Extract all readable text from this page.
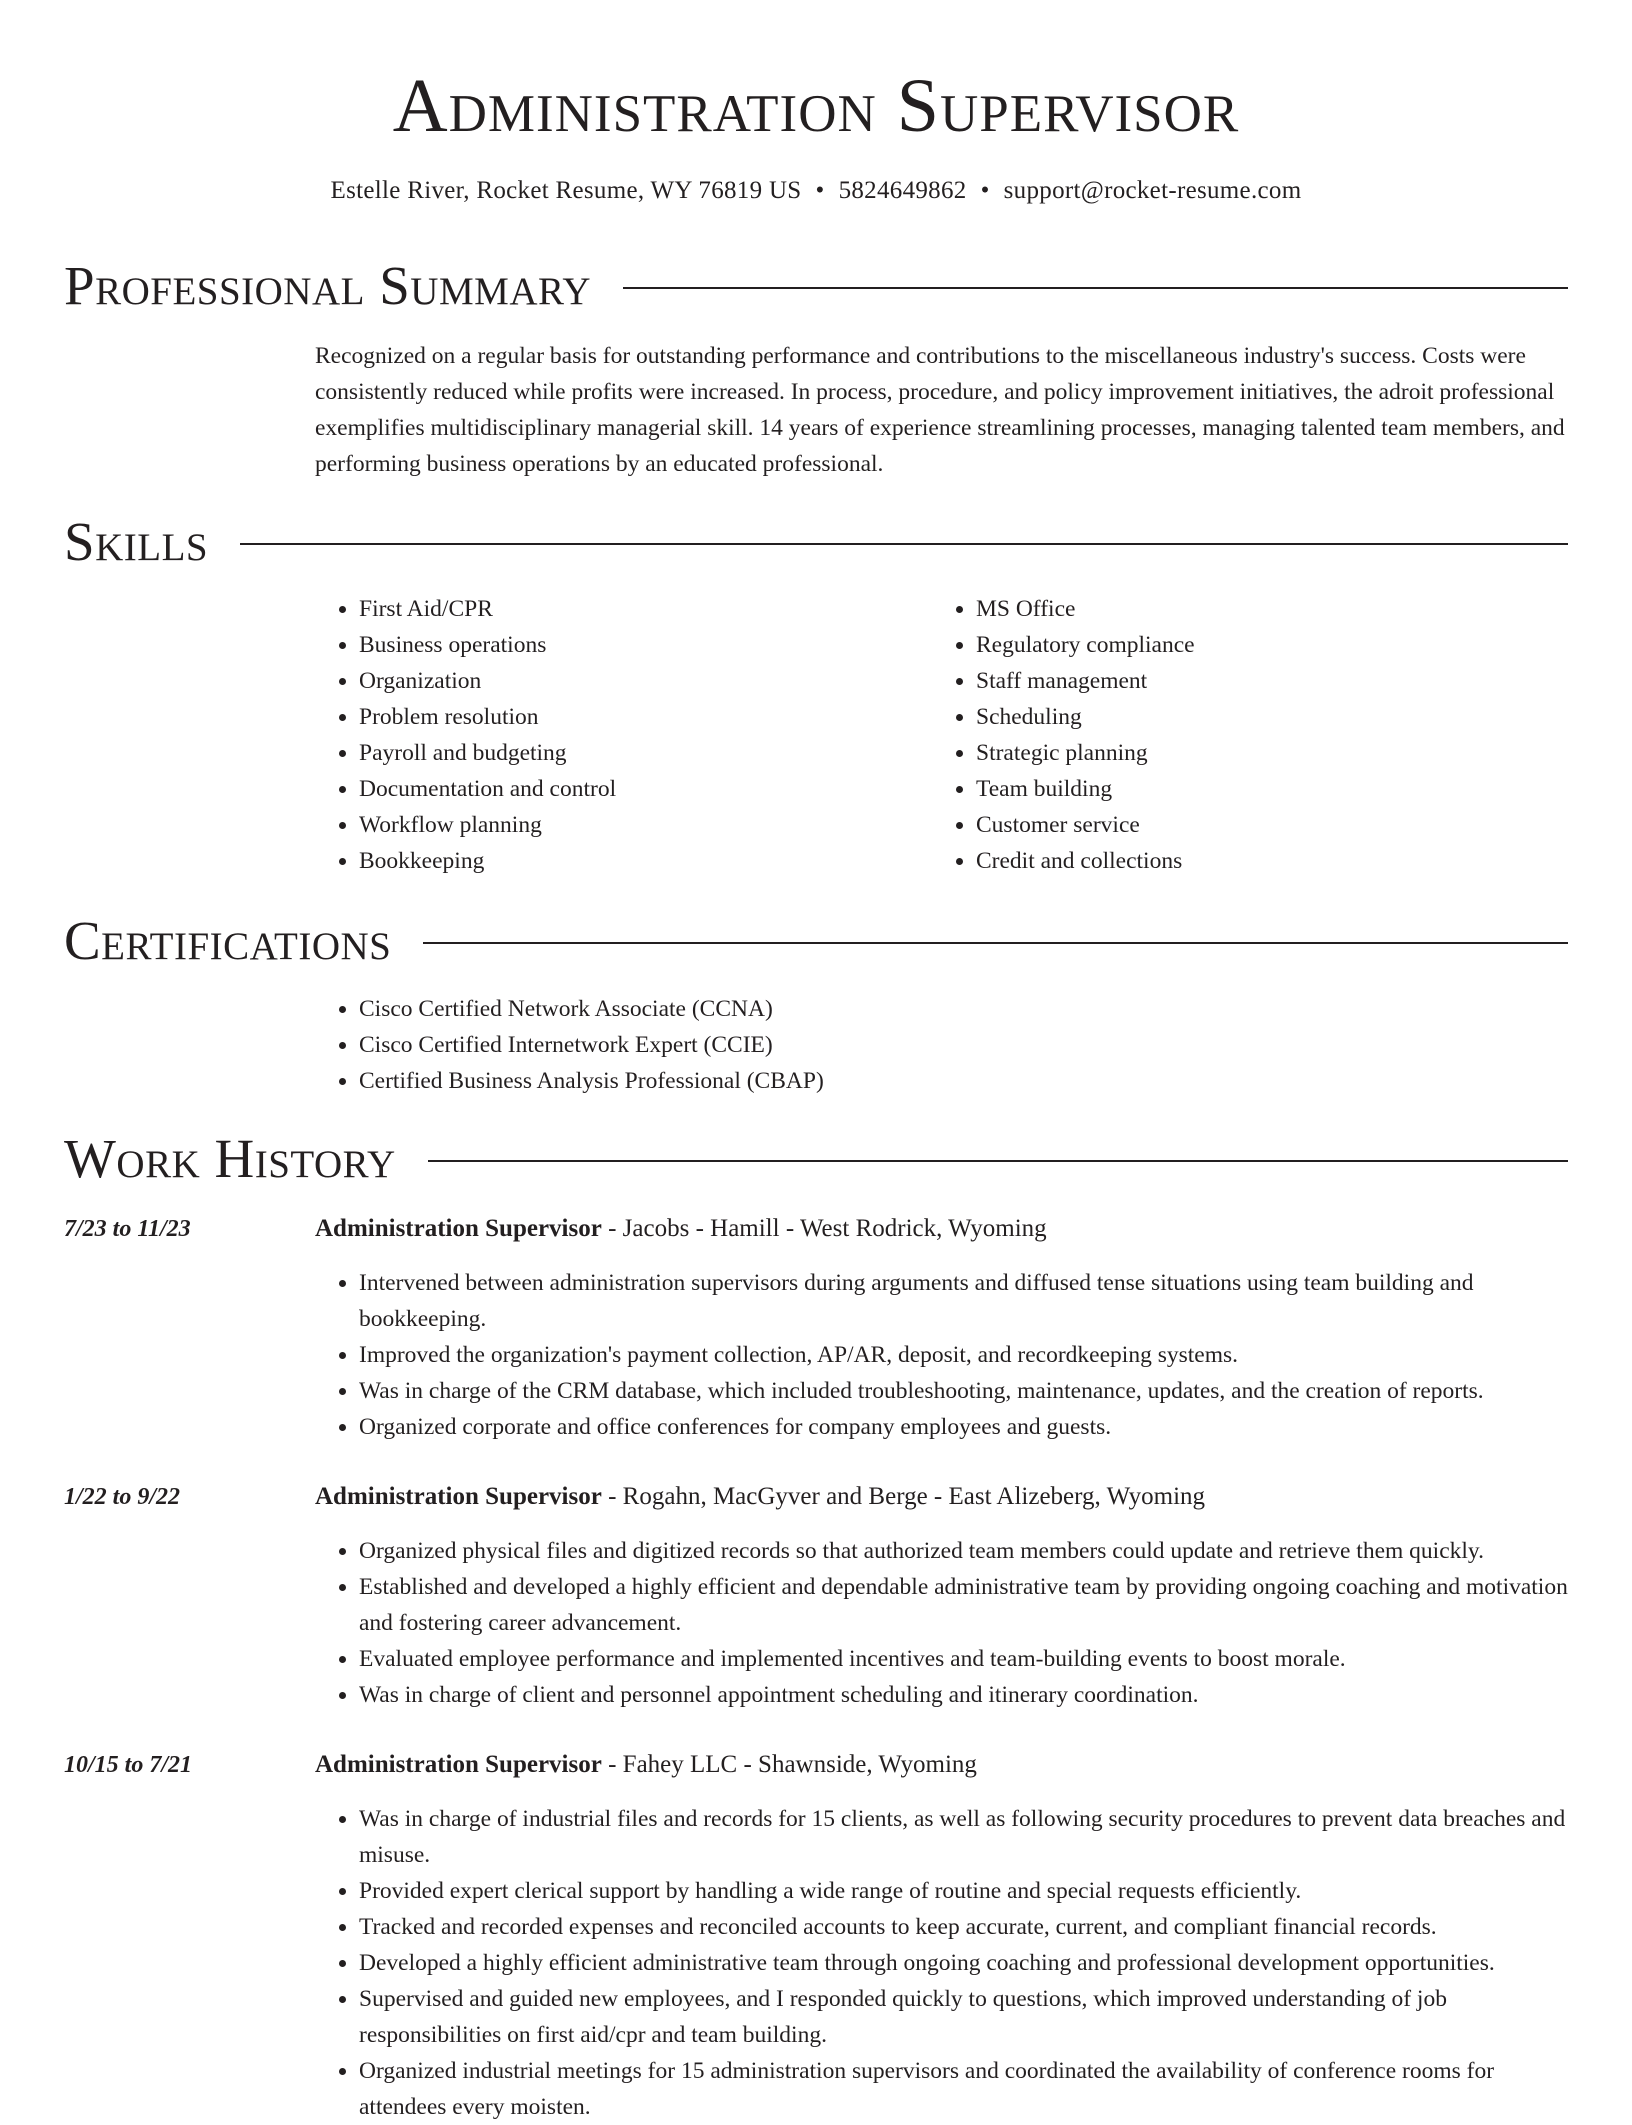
Administration Supervisor
Estelle River, Rocket Resume, WY 76819 US • 5824649862 • support@rocket-resume.com
Professional Summary

Recognized on a regular basis for outstanding performance and contributions to the miscellaneous industry's success. Costs were consistently reduced while profits were increased. In process, procedure, and policy improvement initiatives, the adroit professional exemplifies multidisciplinary managerial skill. 14 years of experience streamlining processes, managing talented team members, and performing business operations by an educated professional.

Skills
• First Aid/CPR
• Business operations
• Organization
• Problem resolution
• Payroll and budgeting
• Documentation and control
• Workflow planning
• Bookkeeping
• MS Office
• Regulatory compliance
• Staff management
• Scheduling
• Strategic planning
• Team building
• Customer service
• Credit and collections
Certifications
• Cisco Certified Network Associate (CCNA)
• Cisco Certified Internetwork Expert (CCIE)
• Certified Business Analysis Professional (CBAP)
Work History
7/23 to 11/23	Administration Supervisor - Jacobs - Hamill - West Rodrick, Wyoming
• Intervened between administration supervisors during arguments and diffused tense situations using team building and bookkeeping.
• Improved the organization's payment collection, AP/AR, deposit, and recordkeeping systems.
• Was in charge of the CRM database, which included troubleshooting, maintenance, updates, and the creation of reports.
• Organized corporate and office conferences for company employees and guests.
1/22 to 9/22	Administration Supervisor - Rogahn, MacGyver and Berge - East Alizeberg, Wyoming
• Organized physical files and digitized records so that authorized team members could update and retrieve them quickly.
• Established and developed a highly efficient and dependable administrative team by providing ongoing coaching and motivation and fostering career advancement.
• Evaluated employee performance and implemented incentives and team-building events to boost morale.
• Was in charge of client and personnel appointment scheduling and itinerary coordination.
10/15 to 7/21	Administration Supervisor - Fahey LLC - Shawnside, Wyoming
• Was in charge of industrial files and records for 15 clients, as well as following security procedures to prevent data breaches and misuse.
• Provided expert clerical support by handling a wide range of routine and special requests efficiently.
• Tracked and recorded expenses and reconciled accounts to keep accurate, current, and compliant financial records.
• Developed a highly efficient administrative team through ongoing coaching and professional development opportunities.
• Supervised and guided new employees, and I responded quickly to questions, which improved understanding of job responsibilities on first aid/cpr and team building.
• Organized industrial meetings for 15 administration supervisors and coordinated the availability of conference rooms for attendees every moisten.
